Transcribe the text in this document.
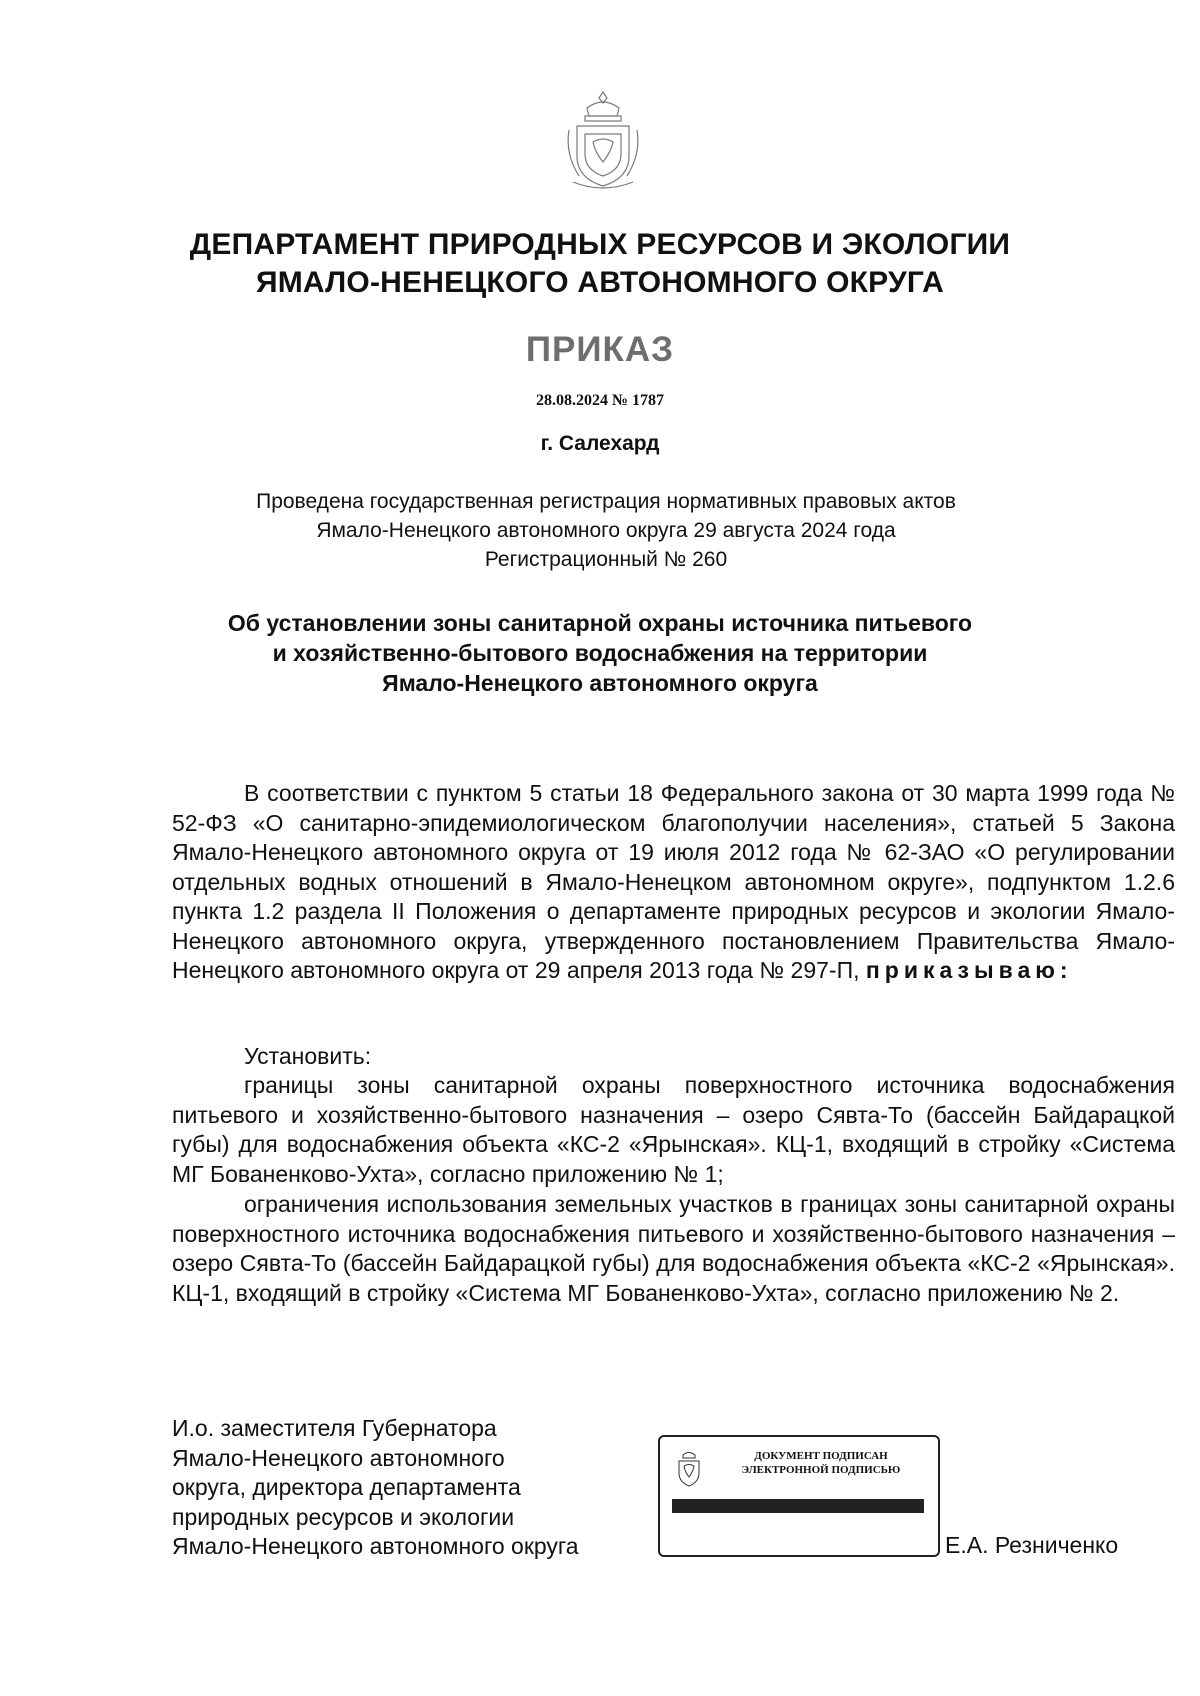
ДЕПАРТАМЕНТ ПРИРОДНЫХ РЕСУРСОВ И ЭКОЛОГИИ
ЯМАЛО-НЕНЕЦКОГО АВТОНОМНОГО ОКРУГА
ПРИКАЗ
28.08.2024 № 1787
г. Салехард
Проведена государственная регистрация нормативных правовых актов
Ямало-Ненецкого автономного округа 29 августа 2024 года
Регистрационный № 260
Об установлении зоны санитарной охраны источника питьевого
и хозяйственно-бытового водоснабжения на территории
Ямало-Ненецкого автономного округа

В соответствии с пунктом 5 статьи 18 Федерального закона от 30 марта 1999 года № 52-ФЗ «О санитарно-эпидемиологическом благополучии населения», статьей 5 Закона Ямало-Ненецкого автономного округа от 19 июля 2012 года № 62-ЗАО «О регулировании отдельных водных отношений в Ямало-Ненецком автономном округе», подпунктом 1.2.6 пункта 1.2 раздела II Положения о департаменте природных ресурсов и экологии Ямало-Ненецкого автономного округа, утвержденного постановлением Правительства Ямало-Ненецкого автономного округа от 29 апреля 2013 года № 297-П, приказываю:

Установить:

границы зоны санитарной охраны поверхностного источника водоснабжения питьевого и хозяйственно-бытового назначения – озеро Сявта-То (бассейн Байдарацкой губы) для водоснабжения объекта «КС-2 «Ярынская». КЦ-1, входящий в стройку «Система МГ Бованенково-Ухта», согласно приложению № 1;

ограничения использования земельных участков в границах зоны санитарной охраны поверхностного источника водоснабжения питьевого и хозяйственно-бытового назначения – озеро Сявта-То (бассейн Байдарацкой губы) для водоснабжения объекта «КС-2 «Ярынская». КЦ-1, входящий в стройку «Система МГ Бованенково-Ухта», согласно приложению № 2.

И.о. заместителя Губернатора
Ямало-Ненецкого автономного
округа, директора департамента
природных ресурсов и экологии
Ямало-Ненецкого автономного округа
ДОКУМЕНТ ПОДПИСАН
ЭЛЕКТРОННОЙ ПОДПИСЬЮ
Е.А. Резниченко
